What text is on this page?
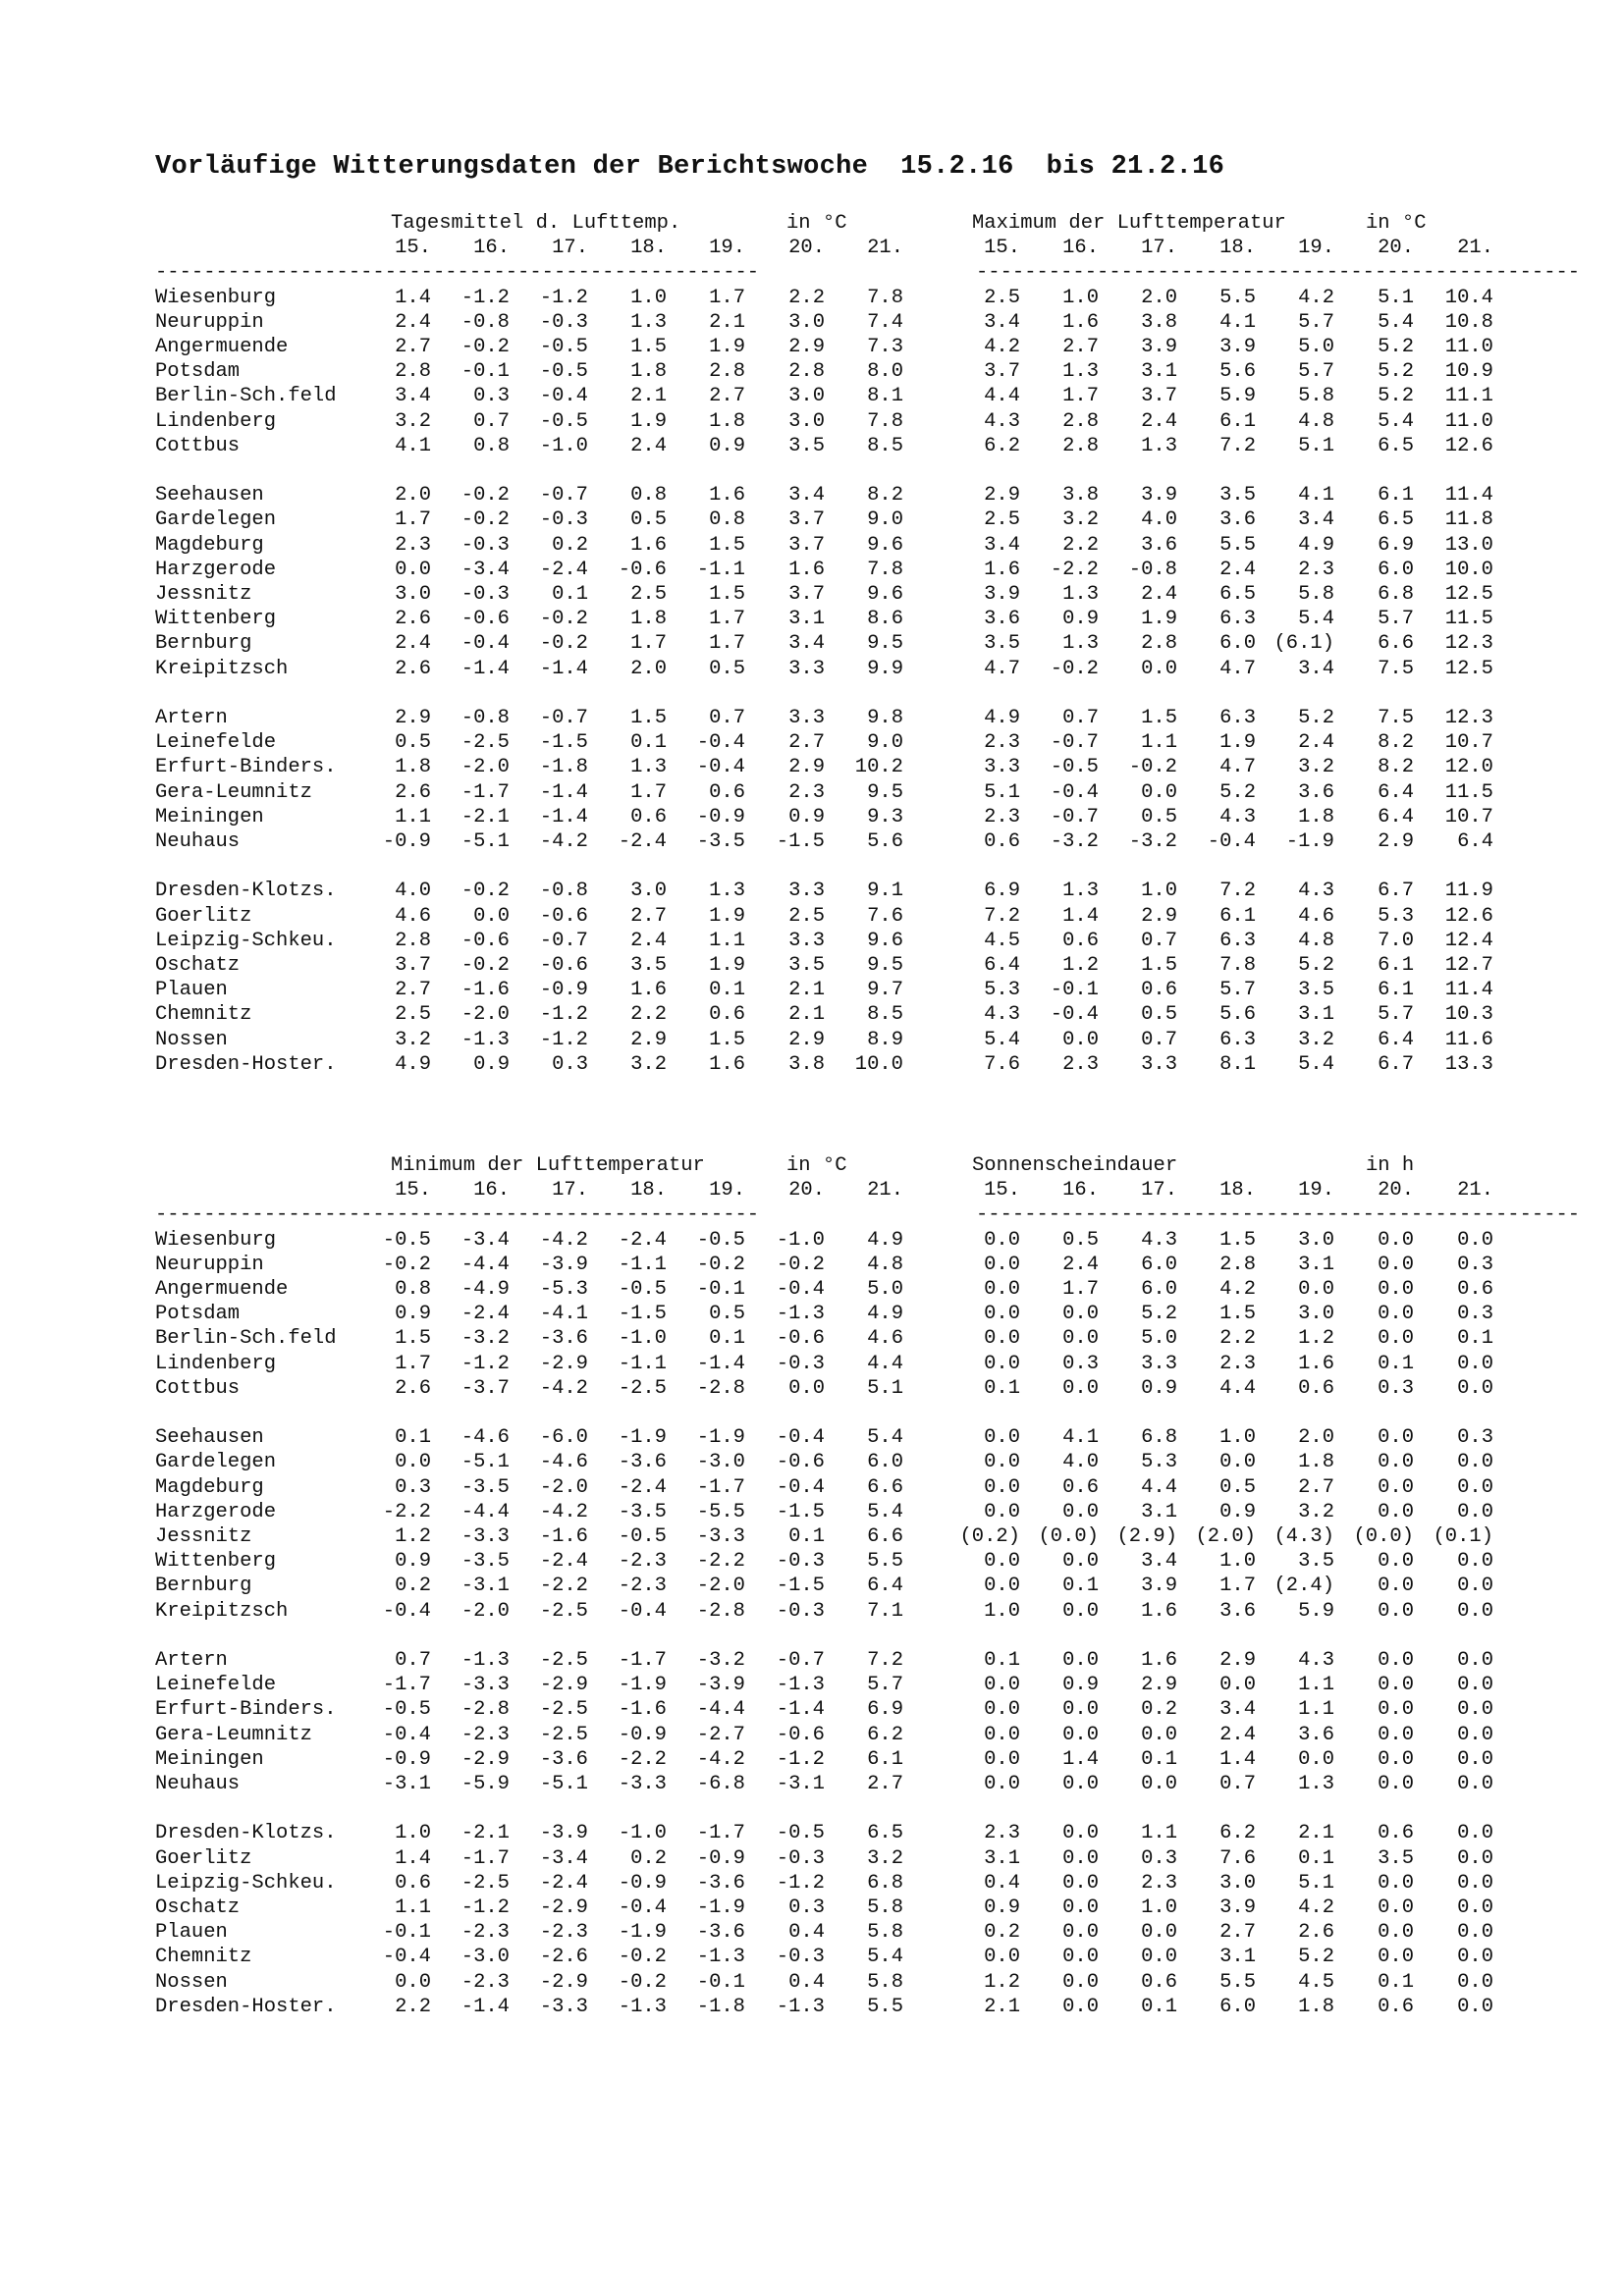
Vorläufige Witterungsdaten der Berichtswoche  15.2.16  bis 21.2.16
Tagesmittel d. Lufttemp.	in °C	Maximum der Lufttemperatur	in °C
15.	15.
16.	16.
17.	17.
18.	18.
19.	19.
20.	20.
21.	21.
--------------------------------------------------	--------------------------------------------------
Wiesenburg	1.4	-1.2	-1.2	1.0	1.7	2.2	7.8	2.5	1.0	2.0	5.5	4.2	5.1	10.4
Neuruppin	2.4	-0.8	-0.3	1.3	2.1	3.0	7.4	3.4	1.6	3.8	4.1	5.7	5.4	10.8
Angermuende	2.7	-0.2	-0.5	1.5	1.9	2.9	7.3	4.2	2.7	3.9	3.9	5.0	5.2	11.0
Potsdam	2.8	-0.1	-0.5	1.8	2.8	2.8	8.0	3.7	1.3	3.1	5.6	5.7	5.2	10.9
Berlin-Sch.feld	3.4	0.3	-0.4	2.1	2.7	3.0	8.1	4.4	1.7	3.7	5.9	5.8	5.2	11.1
Lindenberg	3.2	0.7	-0.5	1.9	1.8	3.0	7.8	4.3	2.8	2.4	6.1	4.8	5.4	11.0
Cottbus	4.1	0.8	-1.0	2.4	0.9	3.5	8.5	6.2	2.8	1.3	7.2	5.1	6.5	12.6
Seehausen	2.0	-0.2	-0.7	0.8	1.6	3.4	8.2	2.9	3.8	3.9	3.5	4.1	6.1	11.4
Gardelegen	1.7	-0.2	-0.3	0.5	0.8	3.7	9.0	2.5	3.2	4.0	3.6	3.4	6.5	11.8
Magdeburg	2.3	-0.3	0.2	1.6	1.5	3.7	9.6	3.4	2.2	3.6	5.5	4.9	6.9	13.0
Harzgerode	0.0	-3.4	-2.4	-0.6	-1.1	1.6	7.8	1.6	-2.2	-0.8	2.4	2.3	6.0	10.0
Jessnitz	3.0	-0.3	0.1	2.5	1.5	3.7	9.6	3.9	1.3	2.4	6.5	5.8	6.8	12.5
Wittenberg	2.6	-0.6	-0.2	1.8	1.7	3.1	8.6	3.6	0.9	1.9	6.3	5.4	5.7	11.5
Bernburg	2.4	-0.4	-0.2	1.7	1.7	3.4	9.5	3.5	1.3	2.8	6.0 (6.1)	6.6	12.3
Kreipitzsch	2.6	-1.4	-1.4	2.0	0.5	3.3	9.9	4.7	-0.2	0.0	4.7	3.4	7.5	12.5
Artern	2.9	-0.8	-0.7	1.5	0.7	3.3	9.8	4.9	0.7	1.5	6.3	5.2	7.5	12.3
Leinefelde	0.5	-2.5	-1.5	0.1	-0.4	2.7	9.0	2.3	-0.7	1.1	1.9	2.4	8.2	10.7
Erfurt-Binders.	1.8	-2.0	-1.8	1.3	-0.4	2.9	10.2	3.3	-0.5	-0.2	4.7	3.2	8.2	12.0
Gera-Leumnitz	2.6	-1.7	-1.4	1.7	0.6	2.3	9.5	5.1	-0.4	0.0	5.2	3.6	6.4	11.5
Meiningen	1.1	-2.1	-1.4	0.6	-0.9	0.9	9.3	2.3	-0.7	0.5	4.3	1.8	6.4	10.7
Neuhaus	-0.9	-5.1	-4.2	-2.4	-3.5	-1.5	5.6	0.6	-3.2	-3.2	-0.4	-1.9	2.9	6.4
Dresden-Klotzs.	4.0	-0.2	-0.8	3.0	1.3	3.3	9.1	6.9	1.3	1.0	7.2	4.3	6.7	11.9
Goerlitz	4.6	0.0	-0.6	2.7	1.9	2.5	7.6	7.2	1.4	2.9	6.1	4.6	5.3	12.6
Leipzig-Schkeu.	2.8	-0.6	-0.7	2.4	1.1	3.3	9.6	4.5	0.6	0.7	6.3	4.8	7.0	12.4
Oschatz	3.7	-0.2	-0.6	3.5	1.9	3.5	9.5	6.4	1.2	1.5	7.8	5.2	6.1	12.7
Plauen	2.7	-1.6	-0.9	1.6	0.1	2.1	9.7	5.3	-0.1	0.6	5.7	3.5	6.1	11.4
Chemnitz	2.5	-2.0	-1.2	2.2	0.6	2.1	8.5	4.3	-0.4	0.5	5.6	3.1	5.7	10.3
Nossen	3.2	-1.3	-1.2	2.9	1.5	2.9	8.9	5.4	0.0	0.7	6.3	3.2	6.4	11.6
Dresden-Hoster.	4.9	0.9	0.3	3.2	1.6	3.8	10.0	7.6	2.3	3.3	8.1	5.4	6.7	13.3
Minimum der Lufttemperatur	in °C	Sonnenscheindauer	in h
15.	15.
16.	16.
17.	17.
18.	18.
19.	19.
20.	20.
21.	21.
--------------------------------------------------	--------------------------------------------------
Wiesenburg	-0.5	-3.4	-4.2	-2.4	-0.5	-1.0	4.9	0.0	0.5	4.3	1.5	3.0	0.0	0.0
Neuruppin	-0.2	-4.4	-3.9	-1.1	-0.2	-0.2	4.8	0.0	2.4	6.0	2.8	3.1	0.0	0.3
Angermuende	0.8	-4.9	-5.3	-0.5	-0.1	-0.4	5.0	0.0	1.7	6.0	4.2	0.0	0.0	0.6
Potsdam	0.9	-2.4	-4.1	-1.5	0.5	-1.3	4.9	0.0	0.0	5.2	1.5	3.0	0.0	0.3
Berlin-Sch.feld	1.5	-3.2	-3.6	-1.0	0.1	-0.6	4.6	0.0	0.0	5.0	2.2	1.2	0.0	0.1
Lindenberg	1.7	-1.2	-2.9	-1.1	-1.4	-0.3	4.4	0.0	0.3	3.3	2.3	1.6	0.1	0.0
Cottbus	2.6	-3.7	-4.2	-2.5	-2.8	0.0	5.1	0.1	0.0	0.9	4.4	0.6	0.3	0.0
Seehausen	0.1	-4.6	-6.0	-1.9	-1.9	-0.4	5.4	0.0	4.1	6.8	1.0	2.0	0.0	0.3
Gardelegen	0.0	-5.1	-4.6	-3.6	-3.0	-0.6	6.0	0.0	4.0	5.3	0.0	1.8	0.0	0.0
Magdeburg	0.3	-3.5	-2.0	-2.4	-1.7	-0.4	6.6	0.0	0.6	4.4	0.5	2.7	0.0	0.0
Harzgerode	-2.2	-4.4	-4.2	-3.5	-5.5	-1.5	5.4	0.0	0.0	3.1	0.9	3.2	0.0	0.0
Jessnitz	1.2	-3.3	-1.6	-0.5	-3.3	0.1	6.6	(0.2) (0.0) (2.9) (2.0) (4.3) (0.0) (0.1)
Wittenberg	0.9	-3.5	-2.4	-2.3	-2.2	-0.3	5.5	0.0	0.0	3.4	1.0	3.5	0.0	0.0
Bernburg	0.2	-3.1	-2.2	-2.3	-2.0	-1.5	6.4	0.0	0.1	3.9	1.7 (2.4)	0.0	0.0
Kreipitzsch	-0.4	-2.0	-2.5	-0.4	-2.8	-0.3	7.1	1.0	0.0	1.6	3.6	5.9	0.0	0.0
Artern	0.7	-1.3	-2.5	-1.7	-3.2	-0.7	7.2	0.1	0.0	1.6	2.9	4.3	0.0	0.0
Leinefelde	-1.7	-3.3	-2.9	-1.9	-3.9	-1.3	5.7	0.0	0.9	2.9	0.0	1.1	0.0	0.0
Erfurt-Binders.	-0.5	-2.8	-2.5	-1.6	-4.4	-1.4	6.9	0.0	0.0	0.2	3.4	1.1	0.0	0.0
Gera-Leumnitz	-0.4	-2.3	-2.5	-0.9	-2.7	-0.6	6.2	0.0	0.0	0.0	2.4	3.6	0.0	0.0
Meiningen	-0.9	-2.9	-3.6	-2.2	-4.2	-1.2	6.1	0.0	1.4	0.1	1.4	0.0	0.0	0.0
Neuhaus	-3.1	-5.9	-5.1	-3.3	-6.8	-3.1	2.7	0.0	0.0	0.0	0.7	1.3	0.0	0.0
Dresden-Klotzs.	1.0	-2.1	-3.9	-1.0	-1.7	-0.5	6.5	2.3	0.0	1.1	6.2	2.1	0.6	0.0
Goerlitz	1.4	-1.7	-3.4	0.2	-0.9	-0.3	3.2	3.1	0.0	0.3	7.6	0.1	3.5	0.0
Leipzig-Schkeu.	0.6	-2.5	-2.4	-0.9	-3.6	-1.2	6.8	0.4	0.0	2.3	3.0	5.1	0.0	0.0
Oschatz	1.1	-1.2	-2.9	-0.4	-1.9	0.3	5.8	0.9	0.0	1.0	3.9	4.2	0.0	0.0
Plauen	-0.1	-2.3	-2.3	-1.9	-3.6	0.4	5.8	0.2	0.0	0.0	2.7	2.6	0.0	0.0
Chemnitz	-0.4	-3.0	-2.6	-0.2	-1.3	-0.3	5.4	0.0	0.0	0.0	3.1	5.2	0.0	0.0
Nossen	0.0	-2.3	-2.9	-0.2	-0.1	0.4	5.8	1.2	0.0	0.6	5.5	4.5	0.1	0.0
Dresden-Hoster.	2.2	-1.4	-3.3	-1.3	-1.8	-1.3	5.5	2.1	0.0	0.1	6.0	1.8	0.6	0.0
